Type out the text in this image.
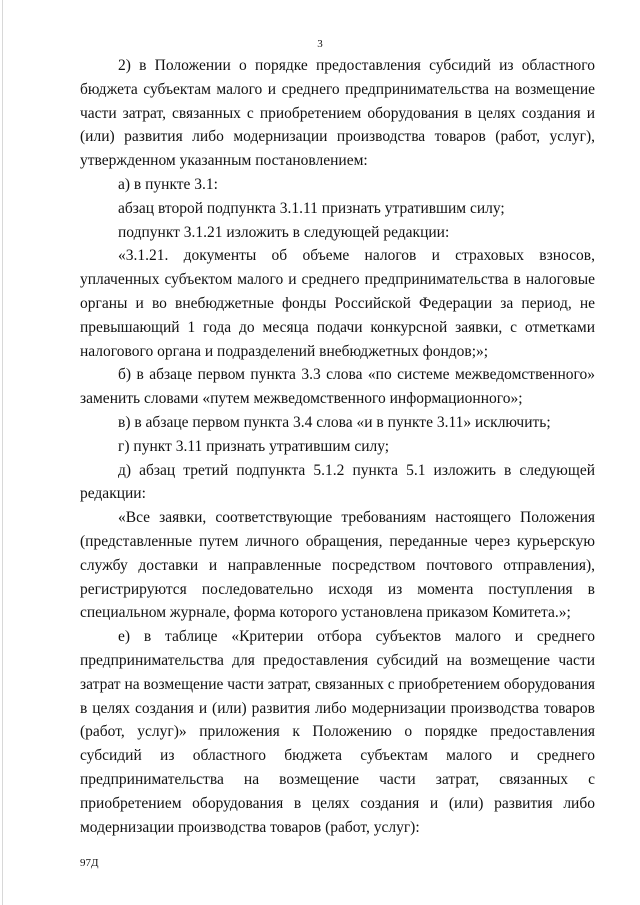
3

2) в Положении о порядке предоставления субсидий из областного бюджета субъектам малого и среднего предпринимательства на возмещение части затрат, связанных с приобретением оборудования в целях создания и (или) развития либо модернизации производства товаров (работ, услуг), утвержденном указанным постановлением:

а) в пункте 3.1:

абзац второй подпункта 3.1.11 признать утратившим силу;

подпункт 3.1.21 изложить в следующей редакции:

«3.1.21. документы об объеме налогов и страховых взносов, уплаченных субъектом малого и среднего предпринимательства в налоговые органы и во внебюджетные фонды Российской Федерации за период, не превышающий 1 года до месяца подачи конкурсной заявки, с отметками налогового органа и подразделений внебюджетных фондов;»;

б) в абзаце первом пункта 3.3 слова «по системе межведомственного» заменить словами «путем межведомственного информационного»;

в) в абзаце первом пункта 3.4 слова «и в пункте 3.11» исключить;

г) пункт 3.11 признать утратившим силу;

д) абзац третий подпункта 5.1.2 пункта 5.1 изложить в следующей редакции:

«Все заявки, соответствующие требованиям настоящего Положения (представленные путем личного обращения, переданные через курьерскую службу доставки и направленные посредством почтового отправления), регистрируются последовательно исходя из момента поступления в специальном журнале, форма которого установлена приказом Комитета.»;

е) в таблице «Критерии отбора субъектов малого и среднего предпринимательства для предоставления субсидий на возмещение части затрат на возмещение части затрат, связанных с приобретением оборудования в целях создания и (или) развития либо модернизации производства товаров (работ, услуг)» приложения к Положению о порядке предоставления субсидий из областного бюджета субъектам малого и среднего предпринимательства на возмещение части затрат, связанных с приобретением оборудования в целях создания и (или) развития либо модернизации производства товаров (работ, услуг):

97Д
